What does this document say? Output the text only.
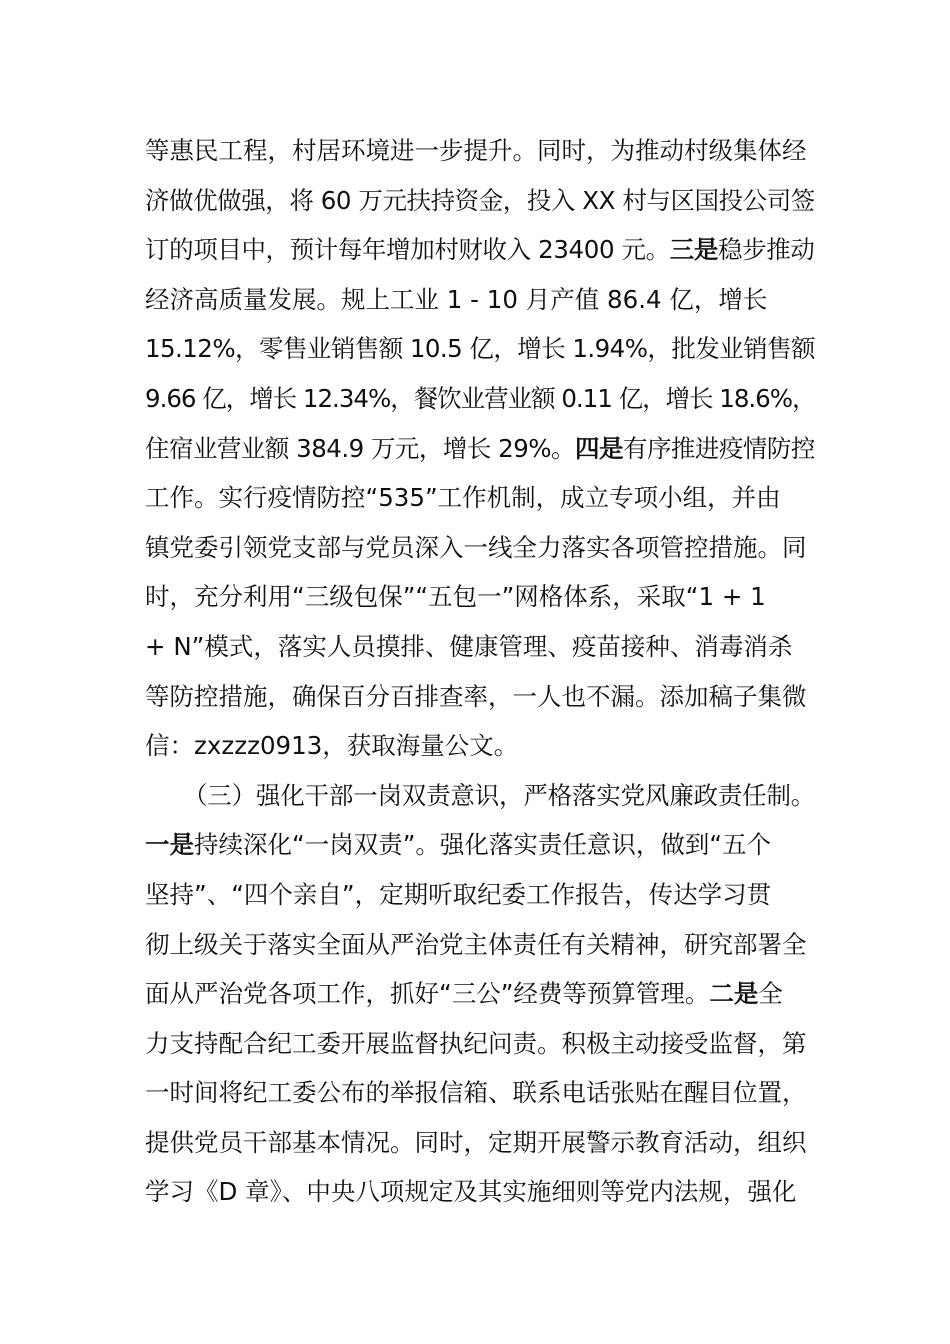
等惠民工程，村居环境进一步提升。同时，为推动村级集体经
济做优做强，将 60 万元扶持资金，投入 XX 村与区国投公司签
订的项目中，预计每年增加村财收入 23400 元。三是稳步推动
经济高质量发展。规上工业 1 - 10 月产值 86.4 亿，增长
15.12%，零售业销售额 10.5 亿，增长 1.94%，批发业销售额
9.66 亿，增长 12.34%，餐饮业营业额 0.11 亿，增长 18.6%，
住宿业营业额 384.9 万元，增长 29%。四是有序推进疫情防控
工作。实行疫情防控“535”工作机制，成立专项小组，并由
镇党委引领党支部与党员深入一线全力落实各项管控措施。同
时，充分利用“三级包保”“五包一”网格体系，采取“1 + 1
+ N”模式，落实人员摸排、健康管理、疫苗接种、消毒消杀
等防控措施，确保百分百排查率，一人也不漏。添加稿子集微
信：zxzzz0913，获取海量公文。
（三）强化干部一岗双责意识，严格落实党风廉政责任制。
一是持续深化“一岗双责”。强化落实责任意识，做到“五个
坚持”、“四个亲自”，定期听取纪委工作报告，传达学习贯
彻上级关于落实全面从严治党主体责任有关精神，研究部署全
面从严治党各项工作，抓好“三公”经费等预算管理。二是全
力支持配合纪工委开展监督执纪问责。积极主动接受监督，第
一时间将纪工委公布的举报信箱、联系电话张贴在醒目位置，
提供党员干部基本情况。同时，定期开展警示教育活动，组织
学习《D 章》、中央八项规定及其实施细则等党内法规，强化
